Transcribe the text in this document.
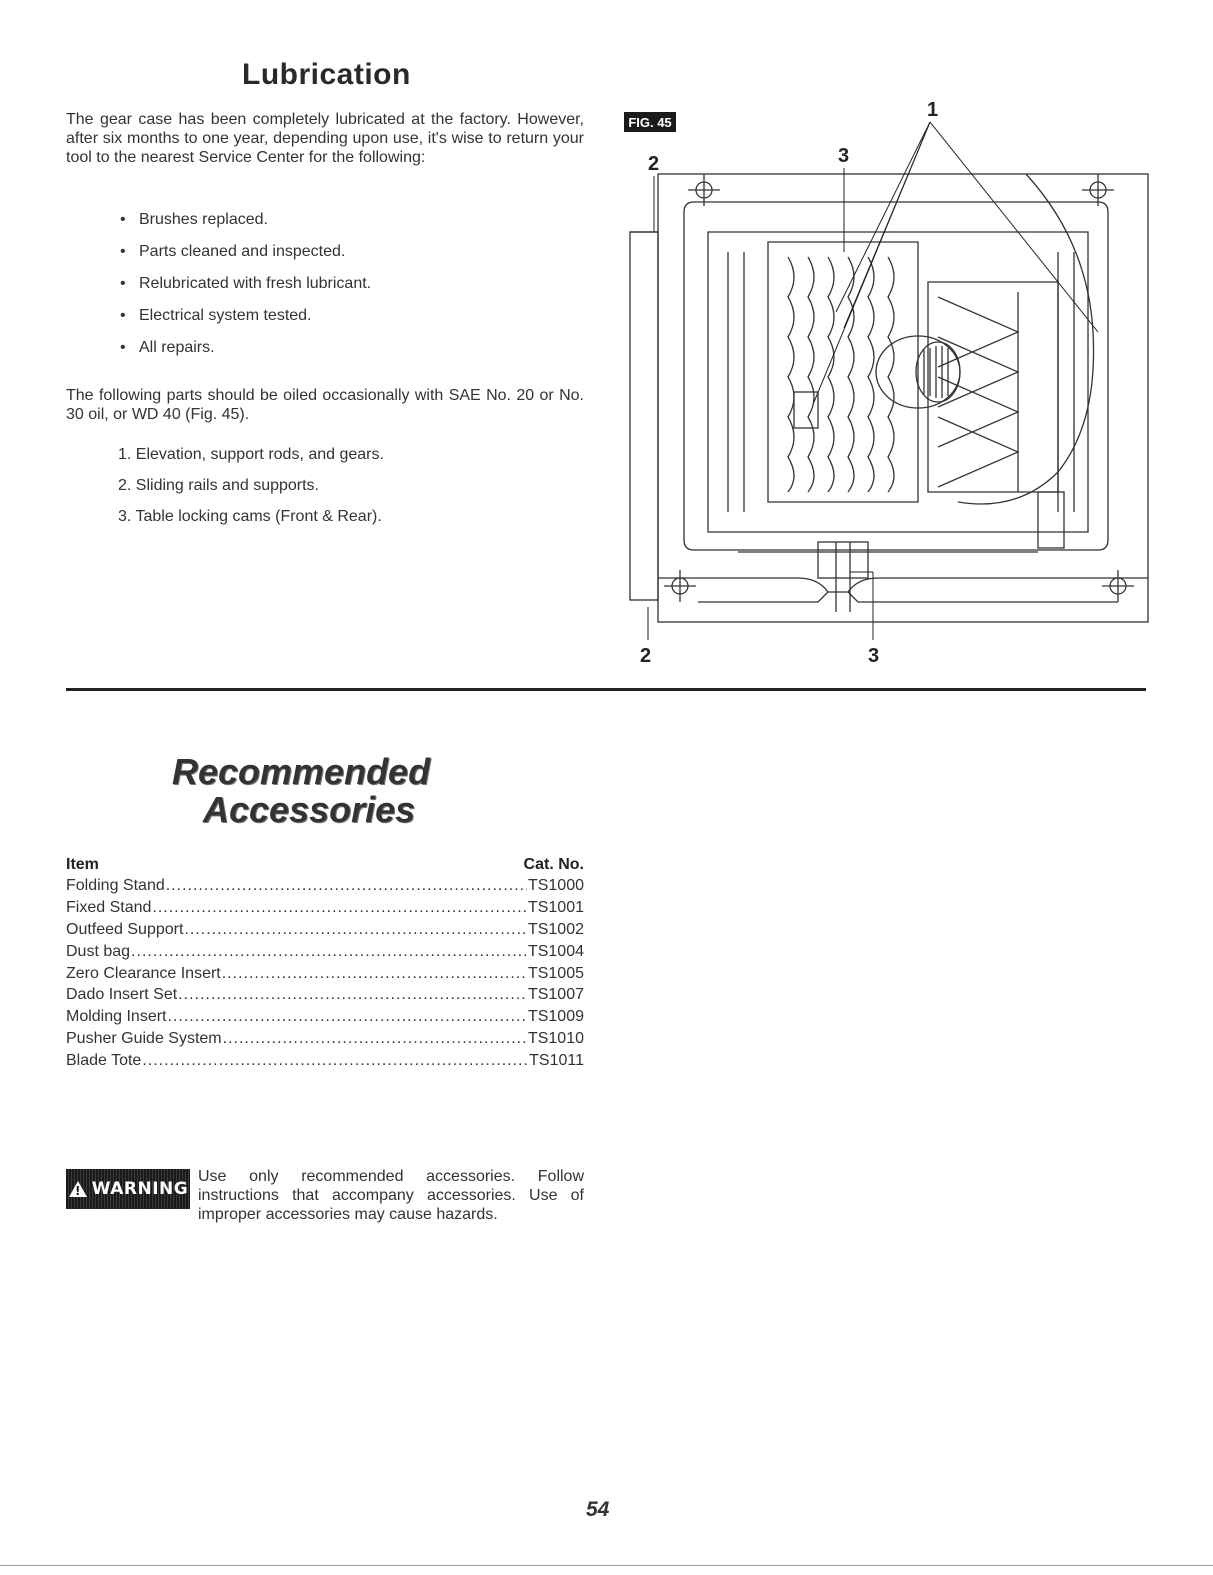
Lubrication

The gear case has been completely lubricated at the factory. However, after six months to one year, depending upon use, it's wise to return your tool to the nearest Service Center for the following:

• Brushes replaced.
• Parts cleaned and inspected.
• Relubricated with fresh lubricant.
• Electrical system tested.
• All repairs.

The following parts should be oiled occasionally with SAE No. 20 or No. 30 oil, or WD 40 (Fig. 45).

1. Elevation, support rods, and gears.
2. Sliding rails and supports.
3. Table locking cams (Front & Rear).
FIG. 45
1
2	3
2	3
Recommended
Accessories
Item	Cat. No.
Folding Stand .....	TS1000
Fixed Stand .....	TS1001
Outfeed Support .....	TS1002
Dust bag .....	TS1004
Zero Clearance Insert .....	TS1005
Dado Insert Set .....	TS1007
Molding Insert .....	TS1009
Pusher Guide System .....	TS1010
Blade Tote .....	TS1011
! WARNING

Use only recommended accessories. Follow instructions that accompany accessories. Use of improper accessories may cause hazards.

54
